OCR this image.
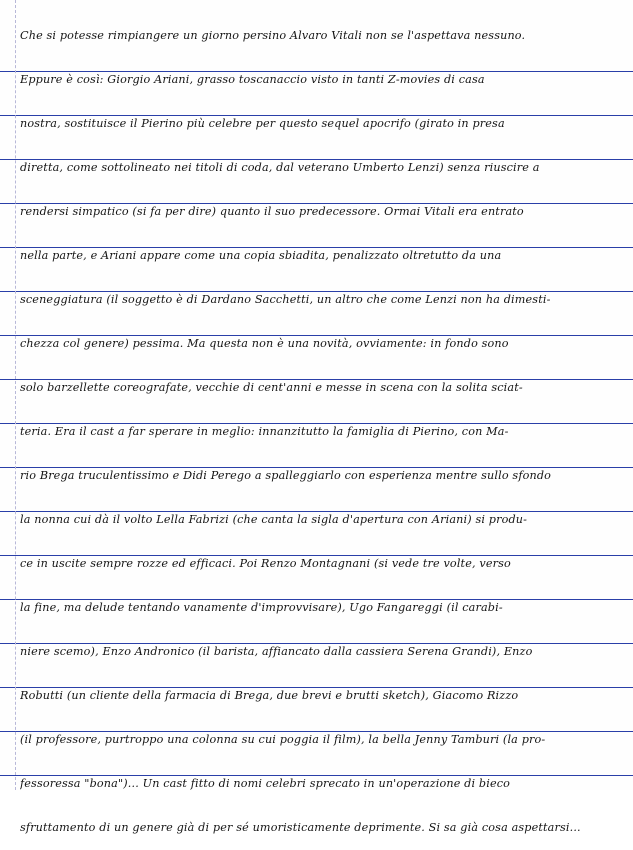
Che si potesse rimpiangere un giorno persino Alvaro Vitali non se l'aspettava nessuno.
Eppure è così: Giorgio Ariani, grasso toscanaccio visto in tanti Z-movies di casa
nostra, sostituisce il Pierino più celebre per questo sequel apocrifo (girato in presa
diretta, come sottolineato nei titoli di coda, dal veterano Umberto Lenzi) senza riuscire a
rendersi simpatico (si fa per dire) quanto il suo predecessore. Ormai Vitali era entrato
nella parte, e Ariani appare come una copia sbiadita, penalizzato oltretutto da una
sceneggiatura (il soggetto è di Dardano Sacchetti, un altro che come Lenzi non ha dimesti-
chezza col genere) pessima. Ma questa non è una novità, ovviamente: in fondo sono
solo barzellette coreografate, vecchie di cent'anni e messe in scena con la solita sciat-
teria. Era il cast a far sperare in meglio: innanzitutto la famiglia di Pierino, con Ma-
rio Brega truculentissimo e Didi Perego a spalleggiarlo con esperienza mentre sullo sfondo
la nonna cui dà il volto Lella Fabrizi (che canta la sigla d'apertura con Ariani) si produ-
ce in uscite sempre rozze ed efficaci. Poi Renzo Montagnani (si vede tre volte, verso
la fine, ma delude tentando vanamente d'improvvisare), Ugo Fangareggi (il carabi-
niere scemo), Enzo Andronico (il barista, affiancato dalla cassiera Serena Grandi), Enzo
Robutti (un cliente della farmacia di Brega, due brevi e brutti sketch), Giacomo Rizzo
(il professore, purtroppo una colonna su cui poggia il film), la bella Jenny Tamburi (la pro-
fessoressa "bona")... Un cast fitto di nomi celebri sprecato in un'operazione di bieco
sfruttamento di un genere già di per sé umoristicamente deprimente. Si sa già cosa aspettarsi...
